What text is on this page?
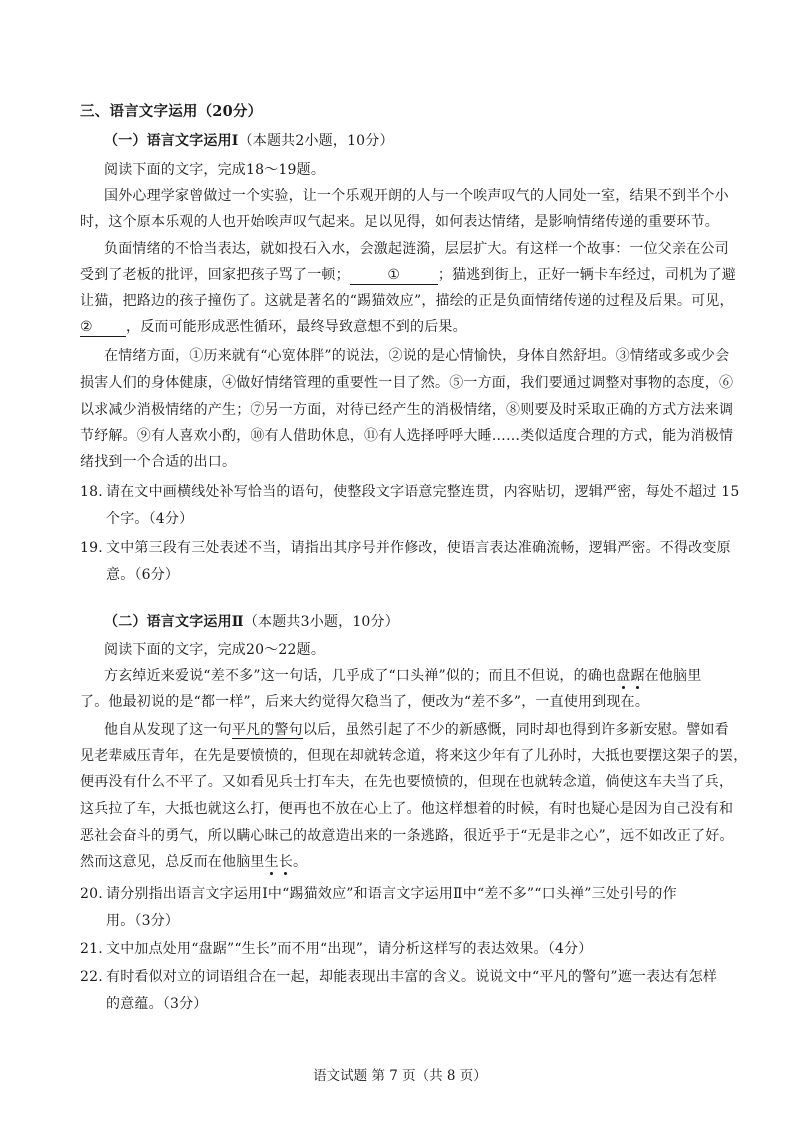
三、语言文字运用（20分）
（一）语言文字运用Ⅰ（本题共2小题，10分）
阅读下面的文字，完成18～19题。
国外心理学家曾做过一个实验，让一个乐观开朗的人与一个唉声叹气的人同处一室，结果不到半个小
时，这个原本乐观的人也开始唉声叹气起来。足以见得，如何表达情绪，是影响情绪传递的重要环节。
负面情绪的不恰当表达，就如投石入水，会激起涟漪，层层扩大。有这样一个故事：一位父亲在公司
受到了老板的批评，回家把孩子骂了一顿；	①	；猫逃到街上，正好一辆卡车经过，司机为了避
让猫，把路边的孩子撞伤了。这就是著名的“踢猫效应”，描绘的正是负面情绪传递的过程及后果。可见，
② ，反而可能形成恶性循环，最终导致意想不到的后果。
在情绪方面，①历来就有“心宽体胖”的说法，②说的是心情愉快，身体自然舒坦。③情绪或多或少会
损害人们的身体健康，④做好情绪管理的重要性一目了然。⑤一方面，我们要通过调整对事物的态度，⑥
以求减少消极情绪的产生；⑦另一方面，对待已经产生的消极情绪，⑧则要及时采取正确的方式方法来调
节纾解。⑨有人喜欢小酌，⑩有人借助休息，⑪有人选择呼呼大睡……类似适度合理的方式，能为消极情
绪找到一个合适的出口。
18. 请在文中画横线处补写恰当的语句，使整段文字语意完整连贯，内容贴切，逻辑严密，每处不超过 15
个字。（4分）
19. 文中第三段有三处表述不当，请指出其序号并作修改，使语言表达准确流畅，逻辑严密。不得改变原
意。（6分）
（二）语言文字运用Ⅱ（本题共3小题，10分）
阅读下面的文字，完成20～22题。
方玄绰近来爱说“差不多”这一句话，几乎成了“口头禅”似的；而且不但说，的确也盘踞在他脑里
了。他最初说的是“都一样”，后来大约觉得欠稳当了，便改为“差不多”，一直使用到现在。
他自从发现了这一句平凡的警句以后，虽然引起了不少的新感慨，同时却也得到许多新安慰。譬如看
见老辈威压青年，在先是要愤愤的，但现在却就转念道，将来这少年有了儿孙时，大抵也要摆这架子的罢，
便再没有什么不平了。又如看见兵士打车夫，在先也要愤愤的，但现在也就转念道，倘使这车夫当了兵，
这兵拉了车，大抵也就这么打，便再也不放在心上了。他这样想着的时候，有时也疑心是因为自己没有和
恶社会奋斗的勇气，所以瞒心昧己的故意造出来的一条逃路，很近乎于“无是非之心”，远不如改正了好。
然而这意见，总反而在他脑里生长。
20. 请分别指出语言文字运用Ⅰ中“踢猫效应”和语言文字运用Ⅱ中“差不多”“口头禅”三处引号的作
用。（3分）
21. 文中加点处用“盘踞”“生长”而不用“出现”，请分析这样写的表达效果。（4分）
22. 有时看似对立的词语组合在一起，却能表现出丰富的含义。说说文中“平凡的警句”遮一表达有怎样
的意蕴。（3分）
语文试题 第 7 页（共 8 页）
